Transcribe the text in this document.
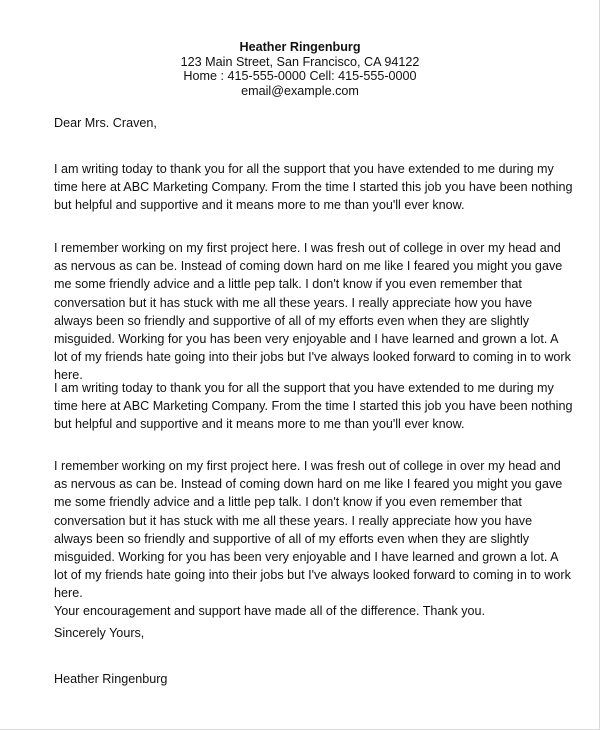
Heather Ringenburg
123 Main Street, San Francisco, CA 94122
Home : 415-555-0000 Cell: 415-555-0000
email@example.com
Dear Mrs. Craven,

I am writing today to thank you for all the support that you have extended to me during my time here at ABC Marketing Company. From the time I started this job you have been nothing but helpful and supportive and it means more to me than you'll ever know.

I remember working on my first project here. I was fresh out of college in over my head and as nervous as can be. Instead of coming down hard on me like I feared you might you gave me some friendly advice and a little pep talk. I don't know if you even remember that conversation but it has stuck with me all these years. I really appreciate how you have always been so friendly and supportive of all of my efforts even when they are slightly misguided. Working for you has been very enjoyable and I have learned and grown a lot. A lot of my friends hate going into their jobs but I've always looked forward to coming in to work here.

I am writing today to thank you for all the support that you have extended to me during my time here at ABC Marketing Company. From the time I started this job you have been nothing but helpful and supportive and it means more to me than you'll ever know.

I remember working on my first project here. I was fresh out of college in over my head and as nervous as can be. Instead of coming down hard on me like I feared you might you gave me some friendly advice and a little pep talk. I don't know if you even remember that conversation but it has stuck with me all these years. I really appreciate how you have always been so friendly and supportive of all of my efforts even when they are slightly misguided. Working for you has been very enjoyable and I have learned and grown a lot. A lot of my friends hate going into their jobs but I've always looked forward to coming in to work here.

Your encouragement and support have made all of the difference. Thank you.
Sincerely Yours,
Heather Ringenburg
